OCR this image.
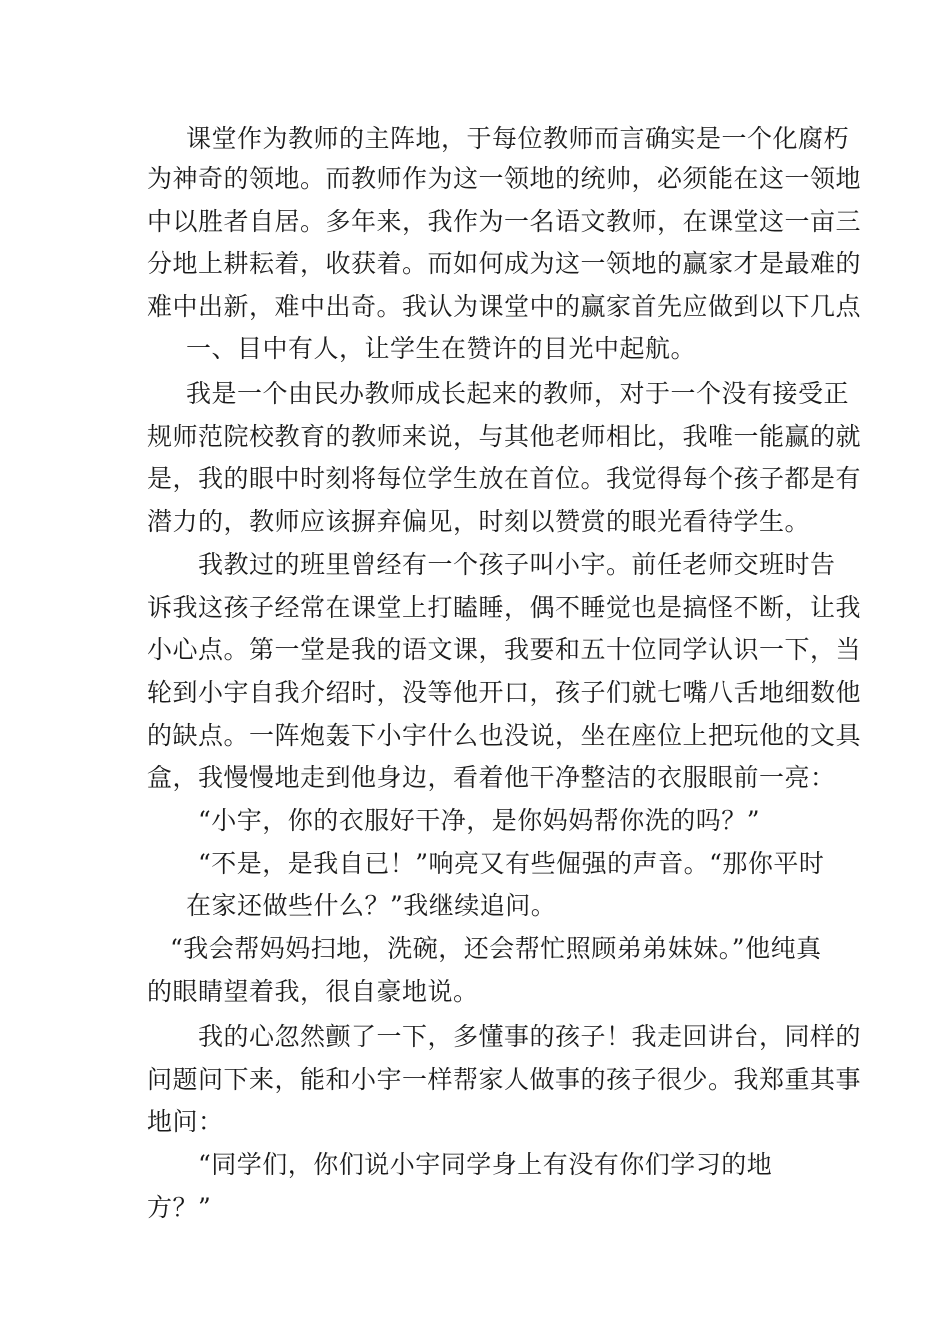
课堂作为教师的主阵地，于每位教师而言确实是一个化腐朽
为神奇的领地。而教师作为这一领地的统帅，必须能在这一领地
中以胜者自居。多年来，我作为一名语文教师，在课堂这一亩三
分地上耕耘着，收获着。而如何成为这一领地的赢家才是最难的
难中出新，难中出奇。我认为课堂中的赢家首先应做到以下几点
一、目中有人，让学生在赞许的目光中起航。
我是一个由民办教师成长起来的教师，对于一个没有接受正
规师范院校教育的教师来说，与其他老师相比，我唯一能赢的就
是，我的眼中时刻将每位学生放在首位。我觉得每个孩子都是有
潜力的，教师应该摒弃偏见，时刻以赞赏的眼光看待学生。
我教过的班里曾经有一个孩子叫小宇。前任老师交班时告
诉我这孩子经常在课堂上打瞌睡，偶不睡觉也是搞怪不断，让我
小心点。第一堂是我的语文课，我要和五十位同学认识一下，当
轮到小宇自我介绍时，没等他开口，孩子们就七嘴八舌地细数他
的缺点。一阵炮轰下小宇什么也没说，坐在座位上把玩他的文具
盒，我慢慢地走到他身边，看着他干净整洁的衣服眼前一亮：
“小宇，你的衣服好干净，是你妈妈帮你洗的吗？”
“不是，是我自已！”响亮又有些倔强的声音。“那你平时
在家还做些什么？”我继续追问。
“我会帮妈妈扫地，洗碗，还会帮忙照顾弟弟妹妹。”他纯真
的眼睛望着我，很自豪地说。
我的心忽然颤了一下，多懂事的孩子！我走回讲台，同样的
问题问下来，能和小宇一样帮家人做事的孩子很少。我郑重其事
地问：
“同学们，你们说小宇同学身上有没有你们学习的地
方？”
